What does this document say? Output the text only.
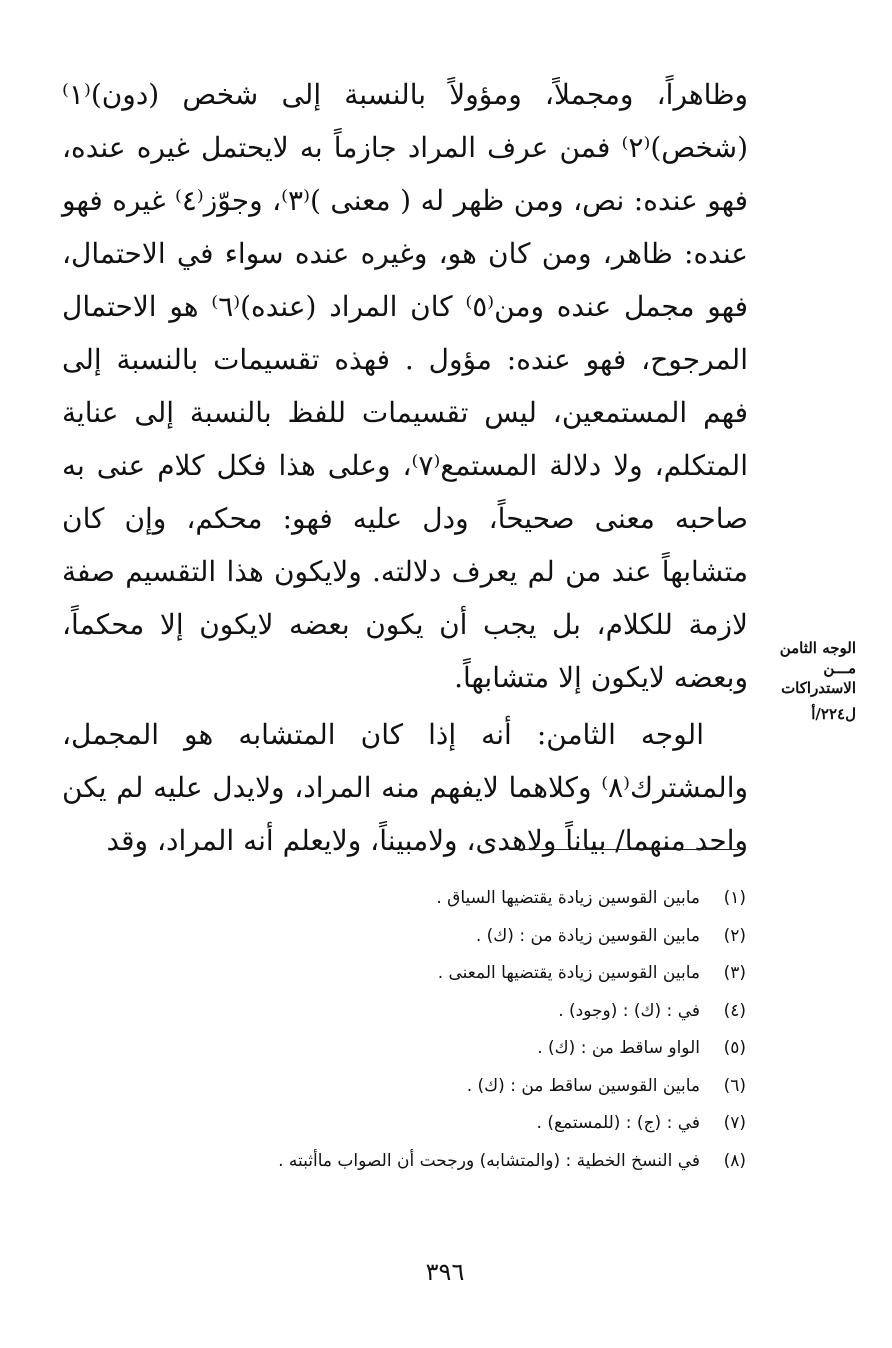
وظاهراً، ومجملاً، ومؤولاً بالنسبة إلى شخص (دون)⁽١⁾ (شخص)⁽٢⁾ فمن عرف المراد جازماً به لايحتمل غيره عنده، فهو عنده: نص، ومن ظهر له ( معنى )⁽٣⁾، وجوّز⁽٤⁾ غيره فهو عنده: ظاهر، ومن كان هو، وغيره عنده سواء في الاحتمال، فهو مجمل عنده ومن⁽٥⁾ كان المراد (عنده)⁽٦⁾ هو الاحتمال المرجوح، فهو عنده: مؤول . فهذه تقسيمات بالنسبة إلى فهم المستمعين، ليس تقسيمات للفظ بالنسبة إلى عناية المتكلم، ولا دلالة المستمع⁽٧⁾، وعلى هذا فكل كلام عنى به صاحبه معنى صحيحاً، ودل عليه فهو: محكم، وإن كان متشابهاً عند من لم يعرف دلالته. ولايكون هذا التقسيم صفة لازمة للكلام، بل يجب أن يكون بعضه لايكون إلا محكماً، وبعضه لايكون إلا متشابهاً.

الوجه الثامن: أنه إذا كان المتشابه هو المجمل، والمشترك⁽٨⁾ وكلاهما لايفهم منه المراد، ولايدل عليه لم يكن واحد منهما/ بياناً ولاهدى، ولامبيناً، ولايعلم أنه المراد، وقد

الوجه الثامن
مـــن
الاستدراكات
ل٢٢٤/أ
(١)مابين القوسين زيادة يقتضيها السياق .
(٢)مابين القوسين زيادة من : (ك) .
(٣)مابين القوسين زيادة يقتضيها المعنى .
(٤)في : (ك) : (وجود) .
(٥)الواو ساقط من : (ك) .
(٦)مابين القوسين ساقط من : (ك) .
(٧)في : (ج) : (للمستمع) .
(٨)في النسخ الخطية : (والمتشابه) ورجحت أن الصواب ماأثبته .
٣٩٦
